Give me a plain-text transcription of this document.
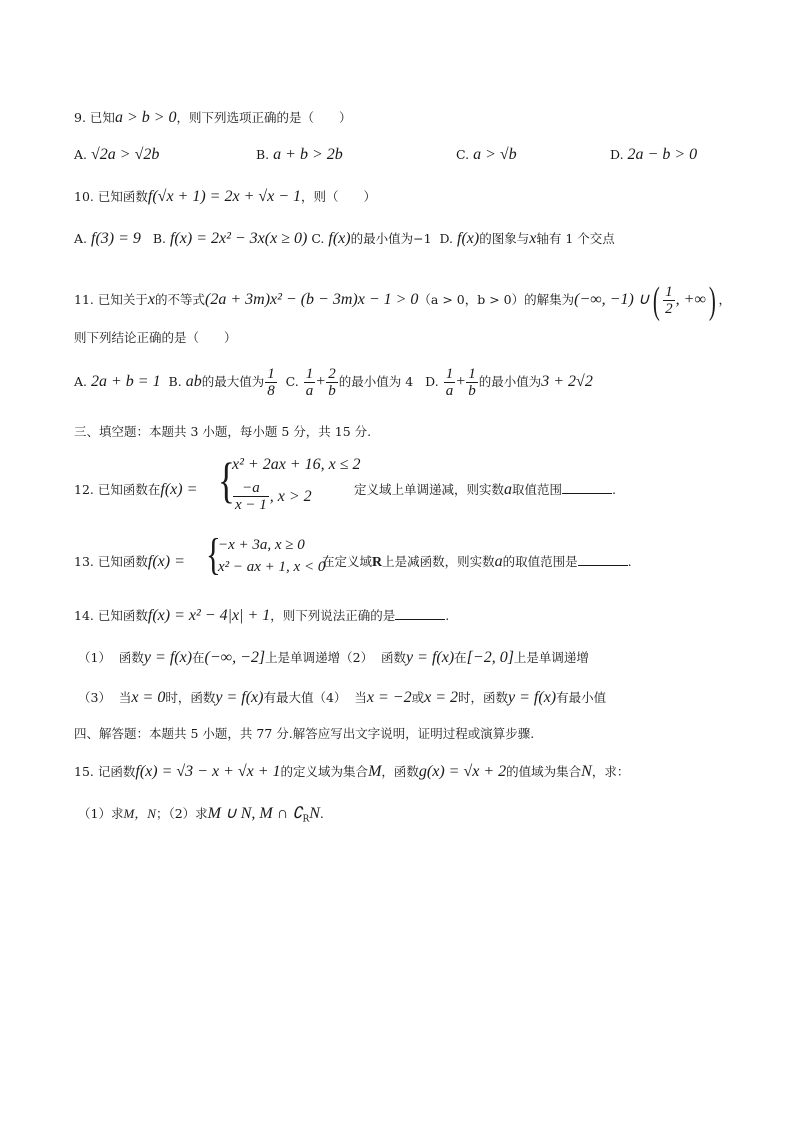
9. 已知a > b > 0，则下列选项正确的是（　　）
A. √2a > √2b	B. a + b > 2b	C. a > √b	D. 2a − b > 0
10. 已知函数f(√x + 1) = 2x + √x − 1，则（　　）
A. f(3) = 9 B. f(x) = 2x² − 3x(x ≥ 0) C. f(x)的最小值为−1 D. f(x)的图象与x轴有 1 个交点
11. 已知关于x的不等式(2a + 3m)x² − (b − 3m)x − 1 > 0（a > 0，b > 0）的解集为(−∞, −1) ∪( $\frac{1}{2}$ , +∞) ，
则下列结论正确的是（　　）
A. 2a + b = 1 B. ab的最大值为 $\frac{1}{8} C$. $\frac{1}{a} + \frac{2}{b}$ 的最小值为 4 D. $\frac{1}{a} + \frac{1}{b}$ 的最小值为3 + 2√2
三、填空题：本题共 3 小题，每小题 5 分，共 15 分.
12. 已知函数在f(x) = {
x² + 2ax + 16, x ≤ 2
$\frac{-a}{x - 1}$ , x > 2	定义域上单调递减，则实数a取值范围	.
13. 已知函数f(x) = {
−x + 3a, x ≥ 0
x² − ax + 1, x < 0
在定义域R上是减函数，则实数a的取值范围是	.
14. 已知函数f(x) = x² − 4|x| + 1，则下列说法正确的是	.
（1） 函数y = f(x)在(−∞, −2]上是单调递增（2） 函数y = f(x)在[−2, 0]上是单调递增
（3） 当x = 0时，函数y = f(x)有最大值（4） 当x = −2或x = 2时，函数y = f(x)有最小值
四、解答题：本题共 5 小题，共 77 分.解答应写出文字说明，证明过程或演算步骤.
15. 记函数f(x) = √3 − x + √x + 1的定义域为集合M，函数g(x) = √x + 2的值域为集合N，求：
（1）求M，N；（2）求M ∪ N, M ∩ $∁_RN$.
